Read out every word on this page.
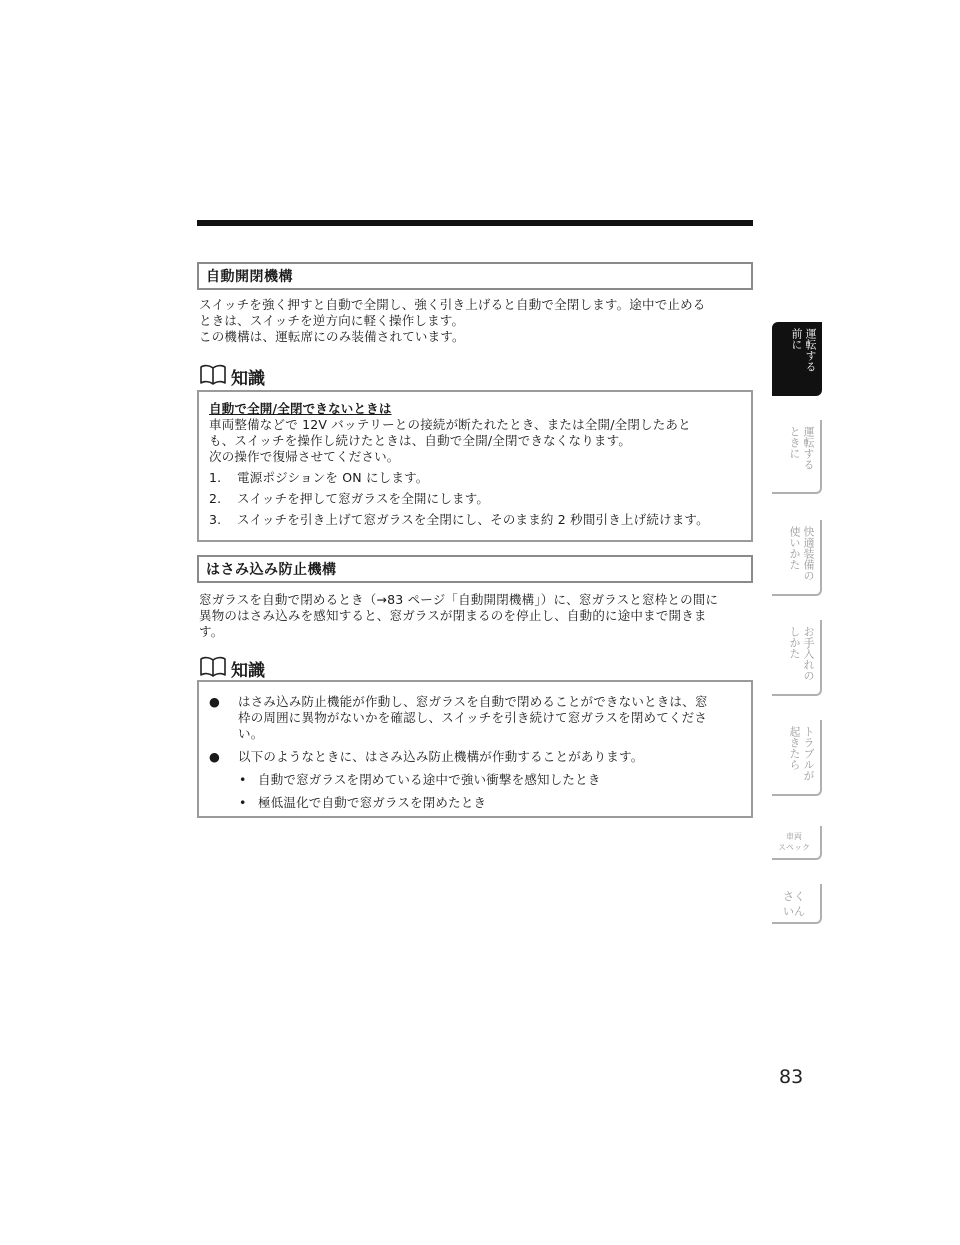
自動開閉機構
スイッチを強く押すと自動で全開し、強く引き上げると自動で全閉します。途中で止める
ときは、スイッチを逆方向に軽く操作します。
この機構は、運転席にのみ装備されています。
知識
自動で全開/全閉できないときは
車両整備などで 12V バッテリーとの接続が断たれたとき、または全開/全閉したあと
も、スイッチを操作し続けたときは、自動で全開/全閉できなくなります。
次の操作で復帰させてください。
1. 電源ポジションを ON にします。
2. スイッチを押して窓ガラスを全開にします。
3. スイッチを引き上げて窓ガラスを全閉にし、そのまま約 2 秒間引き上げ続けます。
はさみ込み防止機構
窓ガラスを自動で閉めるとき（→83 ページ「自動開閉機構」）に、窓ガラスと窓枠との間に
異物のはさみ込みを感知すると、窓ガラスが閉まるのを停止し、自動的に途中まで開きま
す。
知識
● はさみ込み防止機能が作動し、窓ガラスを自動で閉めることができないときは、窓
枠の周囲に異物がないかを確認し、スイッチを引き続けて窓ガラスを閉めてくださ
い。
● 以下のようなときに、はさみ込み防止機構が作動することがあります。
• 自動で窓ガラスを閉めている途中で強い衝撃を感知したとき
• 極低温化で自動で窓ガラスを閉めたとき
運転する
前に
運転する
ときに
快適装備の
使いかた
お手入れの
しかた
トラブルが
起きたら
車両
スペック
さく
いん
83
